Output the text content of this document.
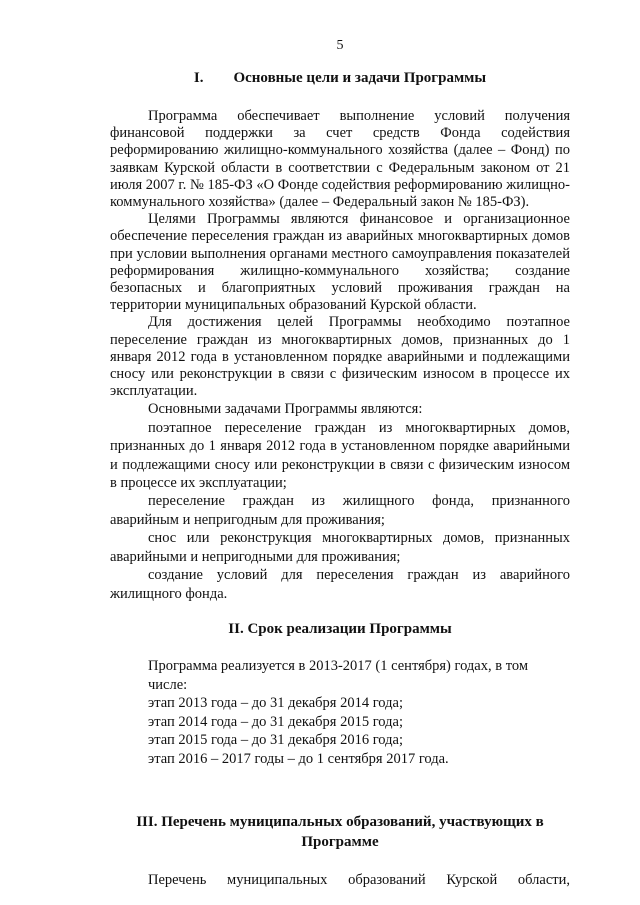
5
I. Основные цели и задачи Программы

Программа обеспечивает выполнение условий получения финансовой поддержки за счет средств Фонда содействия реформированию жилищно-коммунального хозяйства (далее – Фонд) по заявкам Курской области в соответствии с Федеральным законом от 21 июля 2007 г. № 185-ФЗ «О Фонде содействия реформированию жилищно-коммунального хозяйства» (далее – Федеральный закон № 185-ФЗ).

Целями Программы являются финансовое и организационное обеспечение переселения граждан из аварийных многоквартирных домов при условии выполнения органами местного самоуправления показателей реформирования жилищно-коммунального хозяйства; создание безопасных и благоприятных условий проживания граждан на территории муниципальных образований Курской области.

Для достижения целей Программы необходимо поэтапное переселение граждан из многоквартирных домов, признанных до 1 января 2012 года в установленном порядке аварийными и подлежащими сносу или реконструкции в связи с физическим износом в процессе их эксплуатации.

Основными задачами Программы являются:

поэтапное переселение граждан из многоквартирных домов, признанных до 1 января 2012 года в установленном порядке аварийными и подлежащими сносу или реконструкции в связи с физическим износом в процессе их эксплуатации;

переселение граждан из жилищного фонда, признанного аварийным и непригодным для проживания;

снос или реконструкция многоквартирных домов, признанных аварийными и непригодными для проживания;

создание условий для переселения граждан из аварийного жилищного фонда.

II. Срок реализации Программы

Программа реализуется в 2013-2017 (1 сентября) годах, в том числе:

этап 2013 года – до 31 декабря 2014 года;

этап 2014 года – до 31 декабря 2015 года;

этап 2015 года – до 31 декабря 2016 года;

этап 2016 – 2017 годы – до 1 сентября 2017 года.

III. Перечень муниципальных образований, участвующих в
Программе

Перечень муниципальных образований Курской области,
